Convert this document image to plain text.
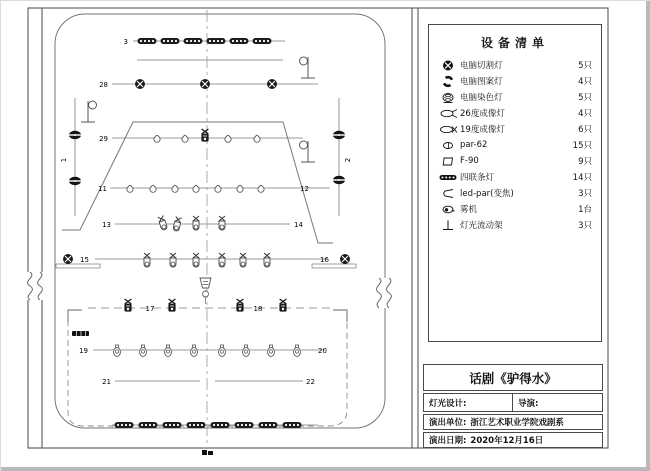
3
28
29
11	12
13	14
15	16
17	18
19	20
21	22
1	2
设备清单
电脑切割灯	5只
电脑图案灯	4只
电脑染色灯	5只
26度成像灯	4只
19度成像灯	6只
par-62	15只
F-90	9只
四联条灯	14只
led-par(变焦)	3只
雾机	1台
灯光流动架	3只
话剧《驴得水》
灯光设计:	导演:
演出单位: 浙江艺术职业学院戏剧系
演出日期: 2020年12月16日
